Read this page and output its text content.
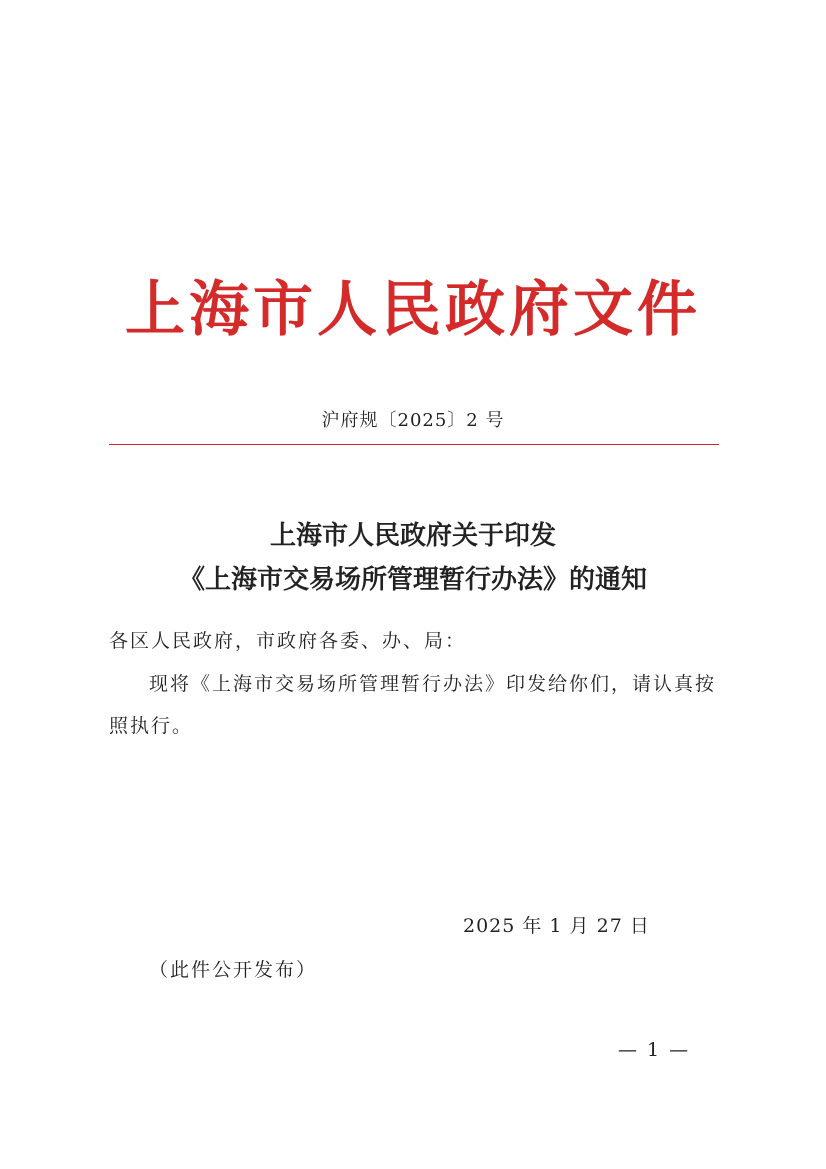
上海市人民政府文件
沪府规〔2025〕2 号
上海市人民政府关于印发
《上海市交易场所管理暂行办法》的通知
各区人民政府，市政府各委、办、局：
现将《上海市交易场所管理暂行办法》印发给你们，请认真按
照执行。
2025 年 1 月 27 日
（此件公开发布）
— 1 —
